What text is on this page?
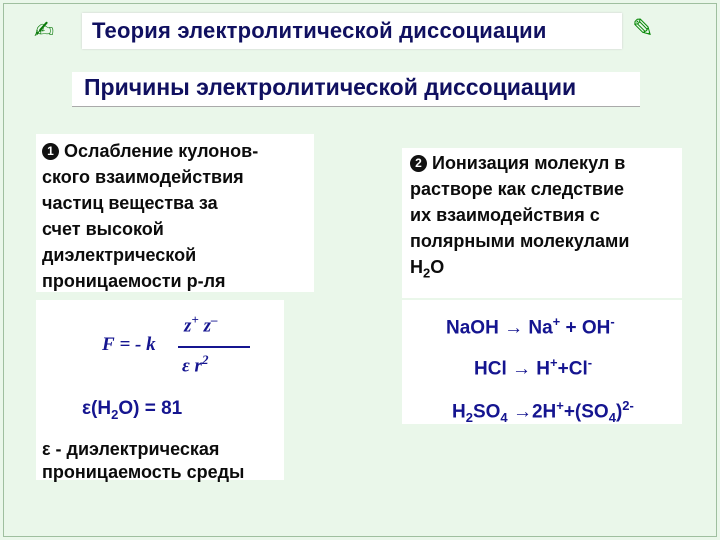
✍ Теория электролитической диссоциации	✎
Причины электролитической диссоциации
1 Ослабление кулонов-
ского взаимодействия
частиц вещества за
счет высокой
диэлектрической
проницаемости р-ля
z+ z–
F = - k
ε $r^2$
$\varepsilon(H_2O) = 81$
ε - диэлектрическая
проницаемость среды
2 Ионизация молекул в
растворе как следствие
их взаимодействия с
полярными молекулами
$H_2O$
NaOH → Na+ + OH-
HCl → H++Cl-
$H_2SO_4 \to 2H^++(SO_4)^{2-}$
